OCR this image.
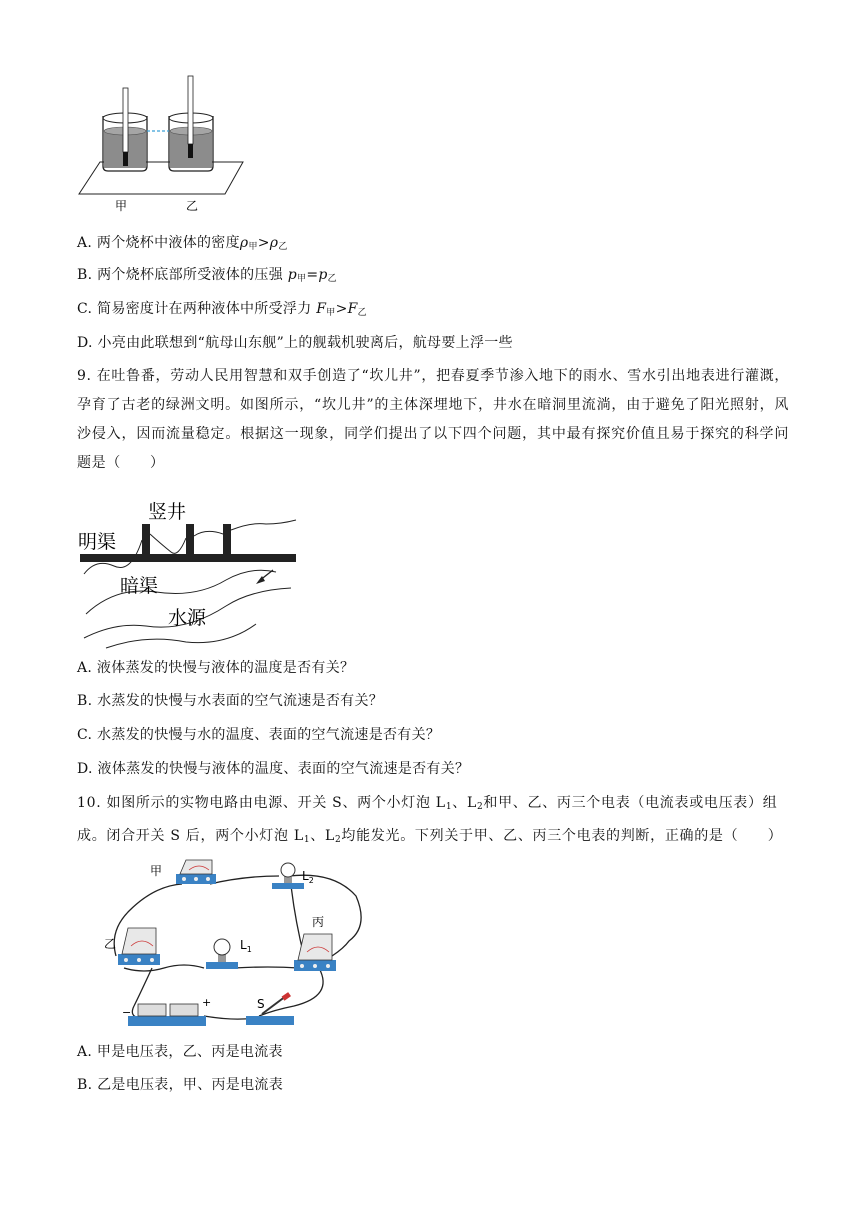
甲	乙
A. 两个烧杯中液体的密度$\rho_甲>\rho_乙$
B. 两个烧杯底部所受液体的压强 $p_甲=p_乙$
C. 简易密度计在两种液体中所受浮力 $F_甲>F_乙$
D. 小亮由此联想到“航母山东舰”上的舰载机驶离后，航母要上浮一些
9. 在吐鲁番，劳动人民用智慧和双手创造了“坎儿井”，把春夏季节渗入地下的雨水、雪水引出地表进行灌溉，孕育了古老的绿洲文明。如图所示，“坎儿井”的主体深埋地下，井水在暗洞里流淌，由于避免了阳光照射，风沙侵入，因而流量稳定。根据这一现象，同学们提出了以下四个问题，其中最有探究价值且易于探究的科学问题是（　　）
竖井
明渠
暗渠
水源
A. 液体蒸发的快慢与液体的温度是否有关？
B. 水蒸发的快慢与水表面的空气流速是否有关？
C. 水蒸发的快慢与水的温度、表面的空气流速是否有关？
D. 液体蒸发的快慢与液体的温度、表面的空气流速是否有关？
10. 如图所示的实物电路由电源、开关 S、两个小灯泡 $L_1$、$L_2$和甲、乙、丙三个电表（电流表或电压表）组
成。闭合开关 S 后，两个小灯泡 $L_1$、$L_2$均能发光。下列关于甲、乙、丙三个电表的判断，正确的是（　　）
甲
乙
丙
$L_1$
$L_2$
S
−
+
A. 甲是电压表，乙、丙是电流表
B. 乙是电压表，甲、丙是电流表
